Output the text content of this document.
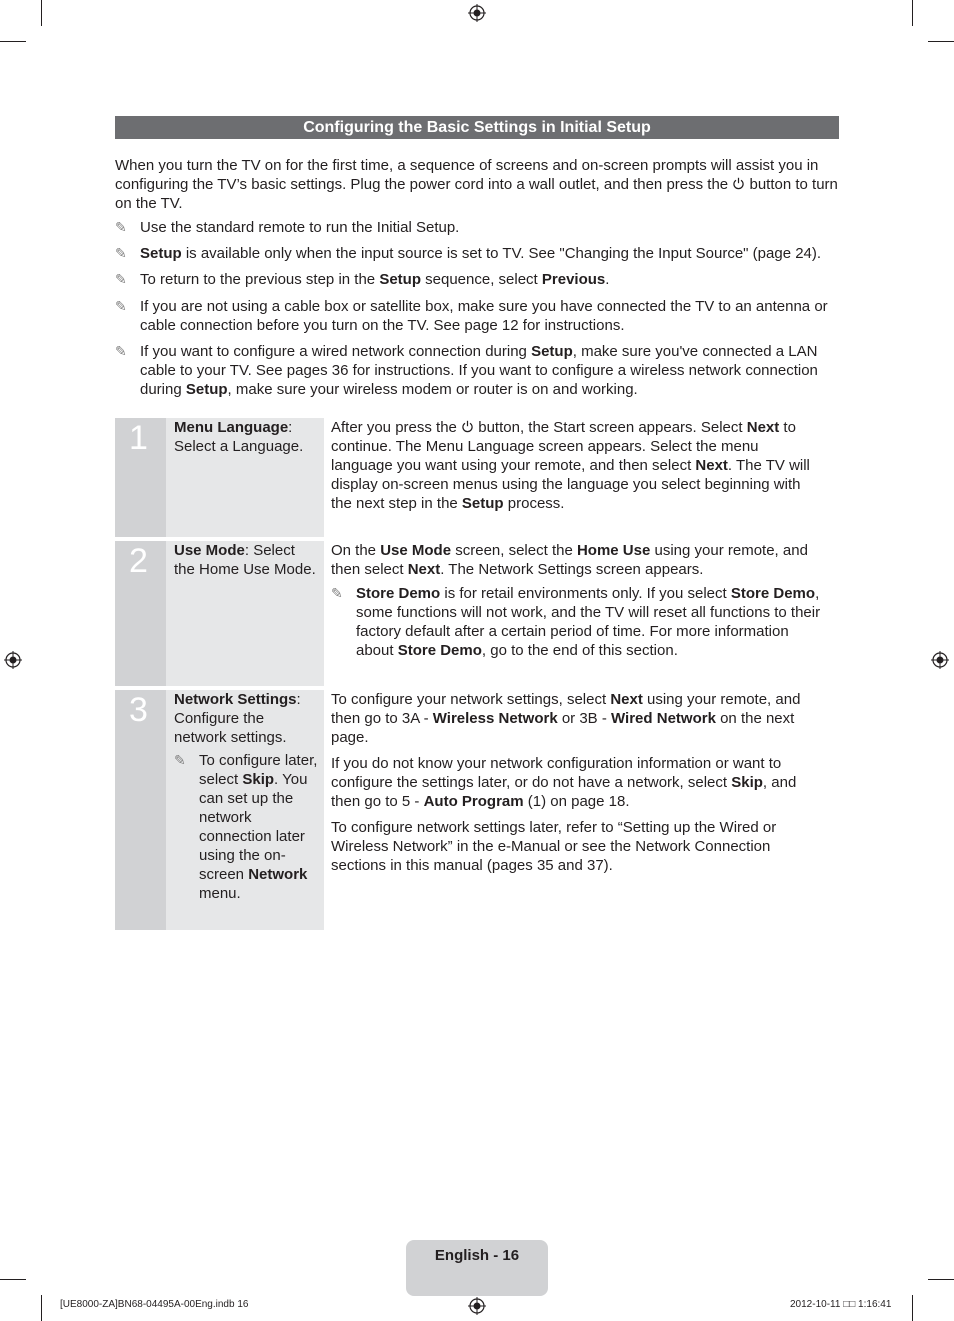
Configuring the Basic Settings in Initial Setup
When you turn the TV on for the first time, a sequence of screens and on-screen prompts will assist you in configuring the TV’s basic settings. Plug the power cord into a wall outlet, and then press the button to turn on the TV.
✎ Use the standard remote to run the Initial Setup.
✎ Setup is available only when the input source is set to TV. See "Changing the Input Source" (page 24).
✎ To return to the previous step in the Setup sequence, select Previous.
✎ If you are not using a cable box or satellite box, make sure you have connected the TV to an antenna or cable connection before you turn on the TV. See page 12 for instructions.
✎ If you want to configure a wired network connection during Setup, make sure you've connected a LAN cable to your TV. See pages 36 for instructions. If you want to configure a wireless network connection during Setup, make sure your wireless modem or router is on and working.
1 Menu Language: Select a Language.
After you press the  button, the Start screen appears. Select Next to continue. The Menu Language screen appears. Select the menu language you want using your remote, and then select Next. The TV will display on-screen menus using the language you select beginning with the next step in the Setup process.
2 Use Mode: Select the Home Use Mode.

On the Use Mode screen, select the Home Use using your remote, and then select Next. The Network Settings screen appears.

✎ Store Demo is for retail environments only. If you select Store Demo, some functions will not work, and the TV will reset all functions to their factory default after a certain period of time. For more information about Store Demo, go to the end of this section.

3 Network Settings: Configure the network settings.

✎ To configure later, select Skip. You can set up the network connection later using the on-screen Network menu.

To configure your network settings, select Next using your remote, and then go to 3A - Wireless Network or 3B - Wired Network on the next page.

If you do not know your network configuration information or want to configure the settings later, or do not have a network, select Skip, and then go to 5 - Auto Program (1) on page 18.

To configure network settings later, refer to “Setting up the Wired or Wireless Network” in the e-Manual or see the Network Connection sections in this manual (pages 35 and 37).

English - 16
[UE8000-ZA]BN68-04495A-00Eng.indb 16	2012-10-11 □□ 1:16:41
